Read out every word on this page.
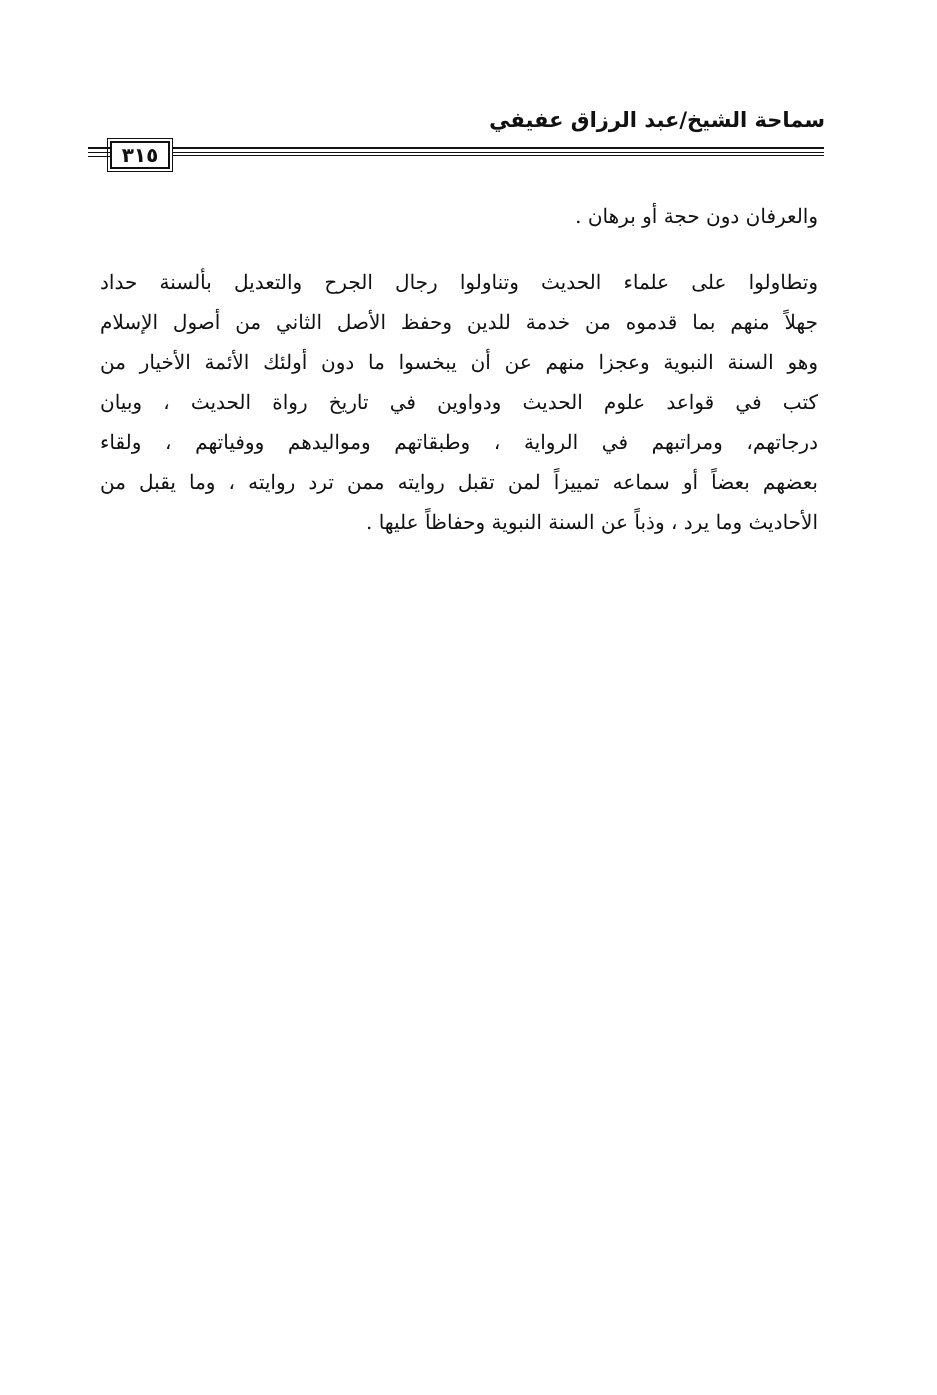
سماحة الشيخ/عبد الرزاق عفيفي
٣١٥
والعرفان دون حجة أو برهان .
وتطاولوا على علماء الحديث وتناولوا رجال الجرح والتعديل بألسنة حداد
جهلاً منهم بما قدموه من خدمة للدين وحفظ الأصل الثاني من أصول الإسلام
وهو السنة النبوية وعجزا منهم عن أن يبخسوا ما دون أولئك الأئمة الأخيار من
كتب في قواعد علوم الحديث ودواوين في تاريخ رواة الحديث ، وبيان
درجاتهم، ومراتبهم في الرواية ، وطبقاتهم ومواليدهم ووفياتهم ، ولقاء
بعضهم بعضاً أو سماعه تمييزاً لمن تقبل روايته ممن ترد روايته ، وما يقبل من
الأحاديث وما يرد ، وذباً عن السنة النبوية وحفاظاً عليها .
